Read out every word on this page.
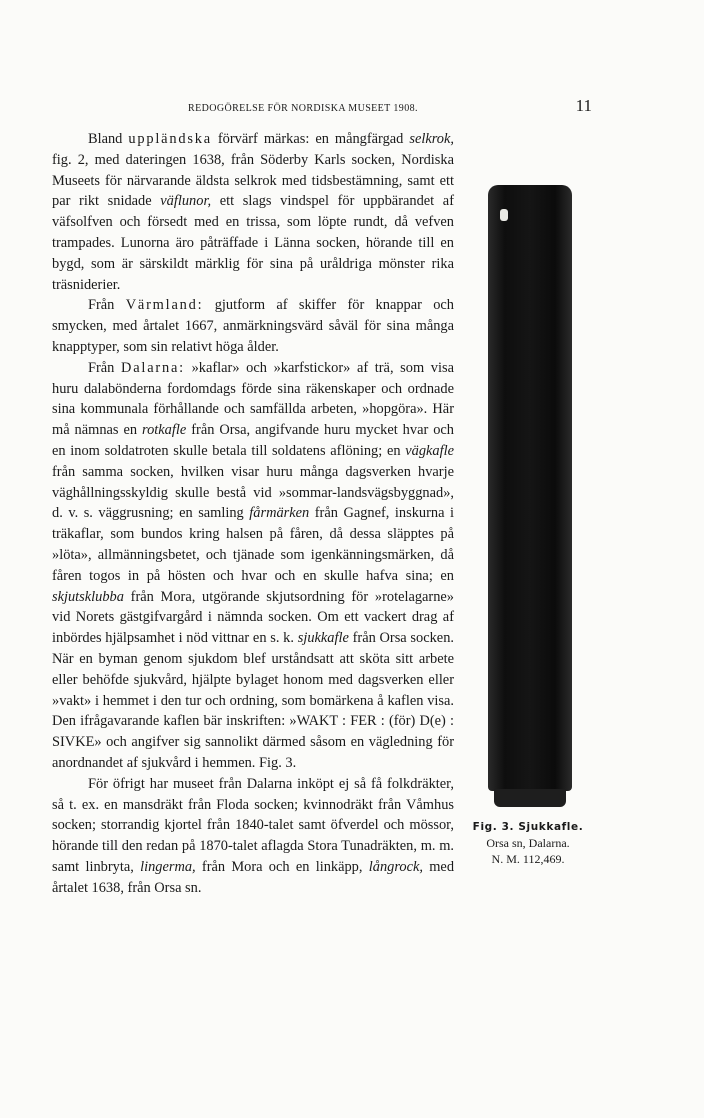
REDOGÖRELSE FÖR NORDISKA MUSEET 1908.	11
Fig. 3. Sjukkafle.
Orsa sn, Dalarna.
N. M. 112,469.

Bland uppländska förvärf märkas: en mångfärgad selkrok, fig. 2, med dateringen 1638, från Söderby Karls socken, Nordiska Museets för närvarande äldsta selkrok med tidsbestämning, samt ett par rikt snidade väflunor, ett slags vindspel för uppbärandet af väfsolfven och försedt med en trissa, som löpte rundt, då vefven trampades. Lunorna äro påträffade i Länna socken, hörande till en bygd, som är särskildt märklig för sina på uråldriga mönster rika träsniderier.

Från Värmland: gjutform af skiffer för knappar och smycken, med årtalet 1667, anmärkningsvärd såväl för sina många knapptyper, som sin relativt höga ålder.

Från Dalarna: »kaflar» och »karfstickor» af trä, som visa huru dalabönderna fordomdags förde sina räkenskaper och ordnade sina kommunala förhållande och samfällda arbeten, »hopgöra». Här må nämnas en rotkafle från Orsa, angifvande huru mycket hvar och en inom soldatroten skulle betala till soldatens aflöning; en vägkafle från samma socken, hvilken visar huru många dagsverken hvarje väghållningsskyldig skulle bestå vid »sommar-landsvägsbyggnad», d. v. s. väggrusning; en samling fårmärken från Gagnef, inskurna i träkaflar, som bundos kring halsen på fåren, då dessa släpptes på »löta», allmänningsbetet, och tjänade som igenkänningsmärken, då fåren togos in på hösten och hvar och en skulle hafva sina; en skjutsklubba från Mora, utgörande skjutsordning för »rotelagarne» vid Norets gästgifvargård i nämnda socken. Om ett vackert drag af inbördes hjälpsamhet i nöd vittnar en s. k. sjukkafle från Orsa socken. När en byman genom sjukdom blef urståndsatt att sköta sitt arbete eller behöfde sjukvård, hjälpte bylaget honom med dagsverken eller »vakt» i hemmet i den tur och ordning, som bomärkena å kaflen visa. Den ifrågavarande kaflen bär inskriften: »WAKT : FER : (för) D(e) : SIVKE» och angifver sig sannolikt därmed såsom en vägledning för anordnandet af sjukvård i hemmen. Fig. 3.

För öfrigt har museet från Dalarna inköpt ej så få folkdräkter, så t. ex. en mansdräkt från Floda socken; kvinnodräkt från Våmhus socken; storrandig kjortel från 1840-talet samt öfverdel och mössor, hörande till den redan på 1870-talet aflagda Stora Tunadräkten, m. m. samt linbryta, lingerma, från Mora och en linkäpp, långrock, med årtalet 1638, från Orsa sn.
